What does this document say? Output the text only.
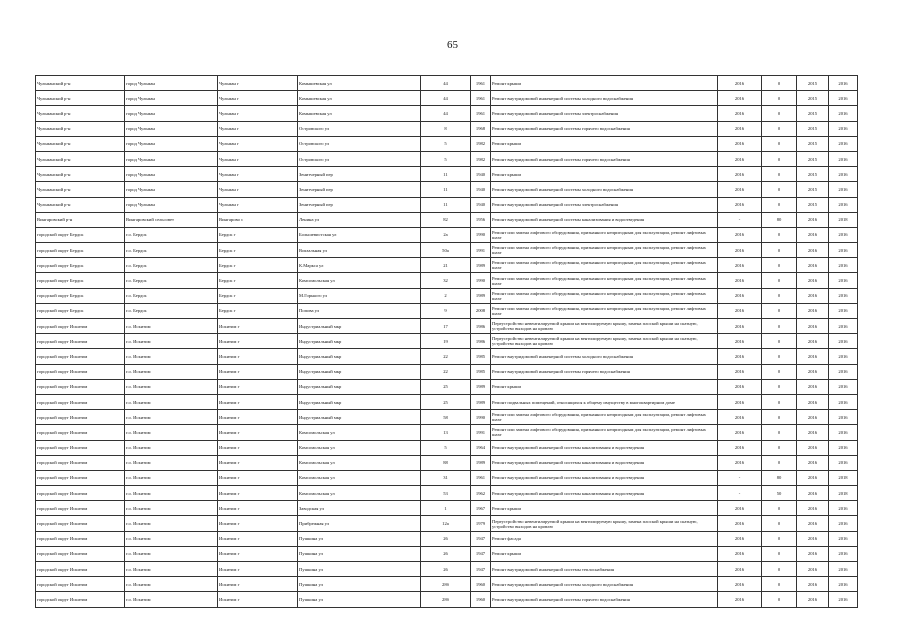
65
Чульманский р-н	город Чульман	Чульман г	Комышевская ул	44	1961	Ремонт крыши	2016	0	2015	2016
Чульманский р-н	город Чульман	Чульман г	Комышевская ул	44	1961	Ремонт внутридомовой инженерной системы холодного водоснабжения	2016	0	2015	2016
Чульманский р-н	город Чульман	Чульман г	Комышевская ул	44	1961	Ремонт внутридомовой инженерной системы электроснабжения	2016	0	2015	2016
Чульманский р-н	город Чульман	Чульман г	Островского ул	8	1968	Ремонт внутридомовой инженерной системы горячего водоснабжения	2016	0	2015	2016
Чульманский р-н	город Чульман	Чульман г	Островского ул	5	1982	Ремонт крыши	2016	0	2015	2016
Чульманский р-н	город Чульман	Чульман г	Островского ул	5	1982	Ремонт внутридомовой инженерной системы горячего водоснабжения	2016	0	2015	2016
Чульманский р-н	город Чульман	Чульман г	Зенитчерный пер	11	1940	Ремонт крыши	2016	0	2015	2016
Чульманский р-н	город Чульман	Чульман г	Зенитчерный пер	11	1940	Ремонт внутридомовой инженерной системы холодного водоснабжения	2016	0	2015	2016
Чульманский р-н	город Чульман	Чульман г	Зенитчерный пер	11	1940	Ремонт внутридомовой инженерной системы электроснабжения	2016	0	2015	2016
Вингаровский р-н	Вингаровский сельсовет	Вингарово с	Ленина ул	82	1956	Ремонт внутридомовой инженерной системы канализования и водоотведения	-	80	2016	2018
городской округ Бердск	г.о. Бердск	Бердск г	Большевистская ул	2а	1990	Ремонт или замена лифтового оборудования, признанного непригодным для эксплуатации, ремонт лифтовых шахт	2016	0	2016	2016
городской округ Бердск	г.о. Бердск	Бердск г	Вокзальная ул	50а	1991	Ремонт или замена лифтового оборудования, признанного непригодным для эксплуатации, ремонт лифтовых шахт	2016	0	2016	2016
городской округ Бердск	г.о. Бердск	Бердск г	К.Маркса ул	21	1989	Ремонт или замена лифтового оборудования, признанного непригодным для эксплуатации, ремонт лифтовых шахт	2016	0	2016	2016
городской округ Бердск	г.о. Бердск	Бердск г	Комсомольская ул	32	1990	Ремонт или замена лифтового оборудования, признанного непригодным для эксплуатации, ремонт лифтовых шахт	2016	0	2016	2016
городской округ Бердск	г.о. Бердск	Бердск г	М.Горького ул	2	1989	Ремонт или замена лифтового оборудования, признанного непригодным для эксплуатации, ремонт лифтовых шахт	2016	0	2016	2016
городской округ Бердск	г.о. Бердск	Бердск г	Попова ул	9	2008	Ремонт или замена лифтового оборудования, признанного непригодным для эксплуатации, ремонт лифтовых шахт	2016	0	2016	2016
городской округ Искитим	г.о. Искитим	Искитим г	Индустриальный мкр	17	1986	Переустройство невентилируемой крыши на вентилируемую крышу, замена плоской крыши на скатную, устройство выходов на кровлю	2016	0	2016	2016
городской округ Искитим	г.о. Искитим	Искитим г	Индустриальный мкр	19	1986	Переустройство невентилируемой крыши на вентилируемую крышу, замена плоской крыши на скатную, устройство выходов на кровлю	2016	0	2016	2016
городской округ Искитим	г.о. Искитим	Искитим г	Индустриальный мкр	22	1985	Ремонт внутридомовой инженерной системы холодного водоснабжения	2016	0	2016	2016
городской округ Искитим	г.о. Искитим	Искитим г	Индустриальный мкр	22	1985	Ремонт внутридомовой инженерной системы горячего водоснабжения	2016	0	2016	2016
городской округ Искитим	г.о. Искитим	Искитим г	Индустриальный мкр	25	1989	Ремонт крыши	2016	0	2016	2016
городской округ Искитим	г.о. Искитим	Искитим г	Индустриальный мкр	25	1989	Ремонт подвальных помещений, относящихся к общему имуществу в многоквартирном доме	2016	0	2016	2016
городской округ Искитим	г.о. Искитим	Искитим г	Индустриальный мкр	58	1990	Ремонт или замена лифтового оборудования, признанного непригодным для эксплуатации, ремонт лифтовых шахт	2016	0	2016	2016
городской округ Искитим	г.о. Искитим	Искитим г	Комсомольская ул	13	1991	Ремонт или замена лифтового оборудования, признанного непригодным для эксплуатации, ремонт лифтовых шахт	2016	0	2016	2016
городской округ Искитим	г.о. Искитим	Искитим г	Комсомольская ул	5	1964	Ремонт внутридомовой инженерной системы канализования и водоотведения	2016	0	2016	2016
городской округ Искитим	г.о. Искитим	Искитим г	Комсомольская ул	88	1989	Ремонт внутридомовой инженерной системы канализования и водоотведения	2016	0	2016	2016
городской округ Искитим	г.о. Искитим	Искитим г	Комсомольская ул	31	1961	Ремонт внутридомовой инженерной системы канализования и водоотведения	-	80	2016	2018
городской округ Искитим	г.о. Искитим	Искитим г	Комсомольская ул	53	1962	Ремонт внутридомовой инженерной системы канализования и водоотведения	-	50	2016	2018
городской округ Искитим	г.о. Искитим	Искитим г	Заводская ул	1	1967	Ремонт крыши	2016	0	2016	2016
городской округ Искитим	г.о. Искитим	Искитим г	Прибрежная ул	12а	1979	Переустройство невентилируемой крыши на вентилируемую крышу, замена плоской крыши на скатную, устройство выходов на кровлю	2016	0	2016	2016
городской округ Искитим	г.о. Искитим	Искитим г	Пушкина ул	26	1947	Ремонт фасада	2016	0	2016	2016
городской округ Искитим	г.о. Искитим	Искитим г	Пушкина ул	26	1947	Ремонт крыши	2016	0	2016	2016
городской округ Искитим	г.о. Искитим	Искитим г	Пушкина ул	26	1947	Ремонт внутридомовой инженерной системы теплоснабжения	2016	0	2016	2016
городской округ Искитим	г.о. Искитим	Искитим г	Пушкина ул	28б	1960	Ремонт внутридомовой инженерной системы холодного водоснабжения	2016	0	2016	2016
городской округ Искитим	г.о. Искитим	Искитим г	Пушкина ул	28б	1960	Ремонт внутридомовой инженерной системы горячего водоснабжения	2016	0	2016	2016
